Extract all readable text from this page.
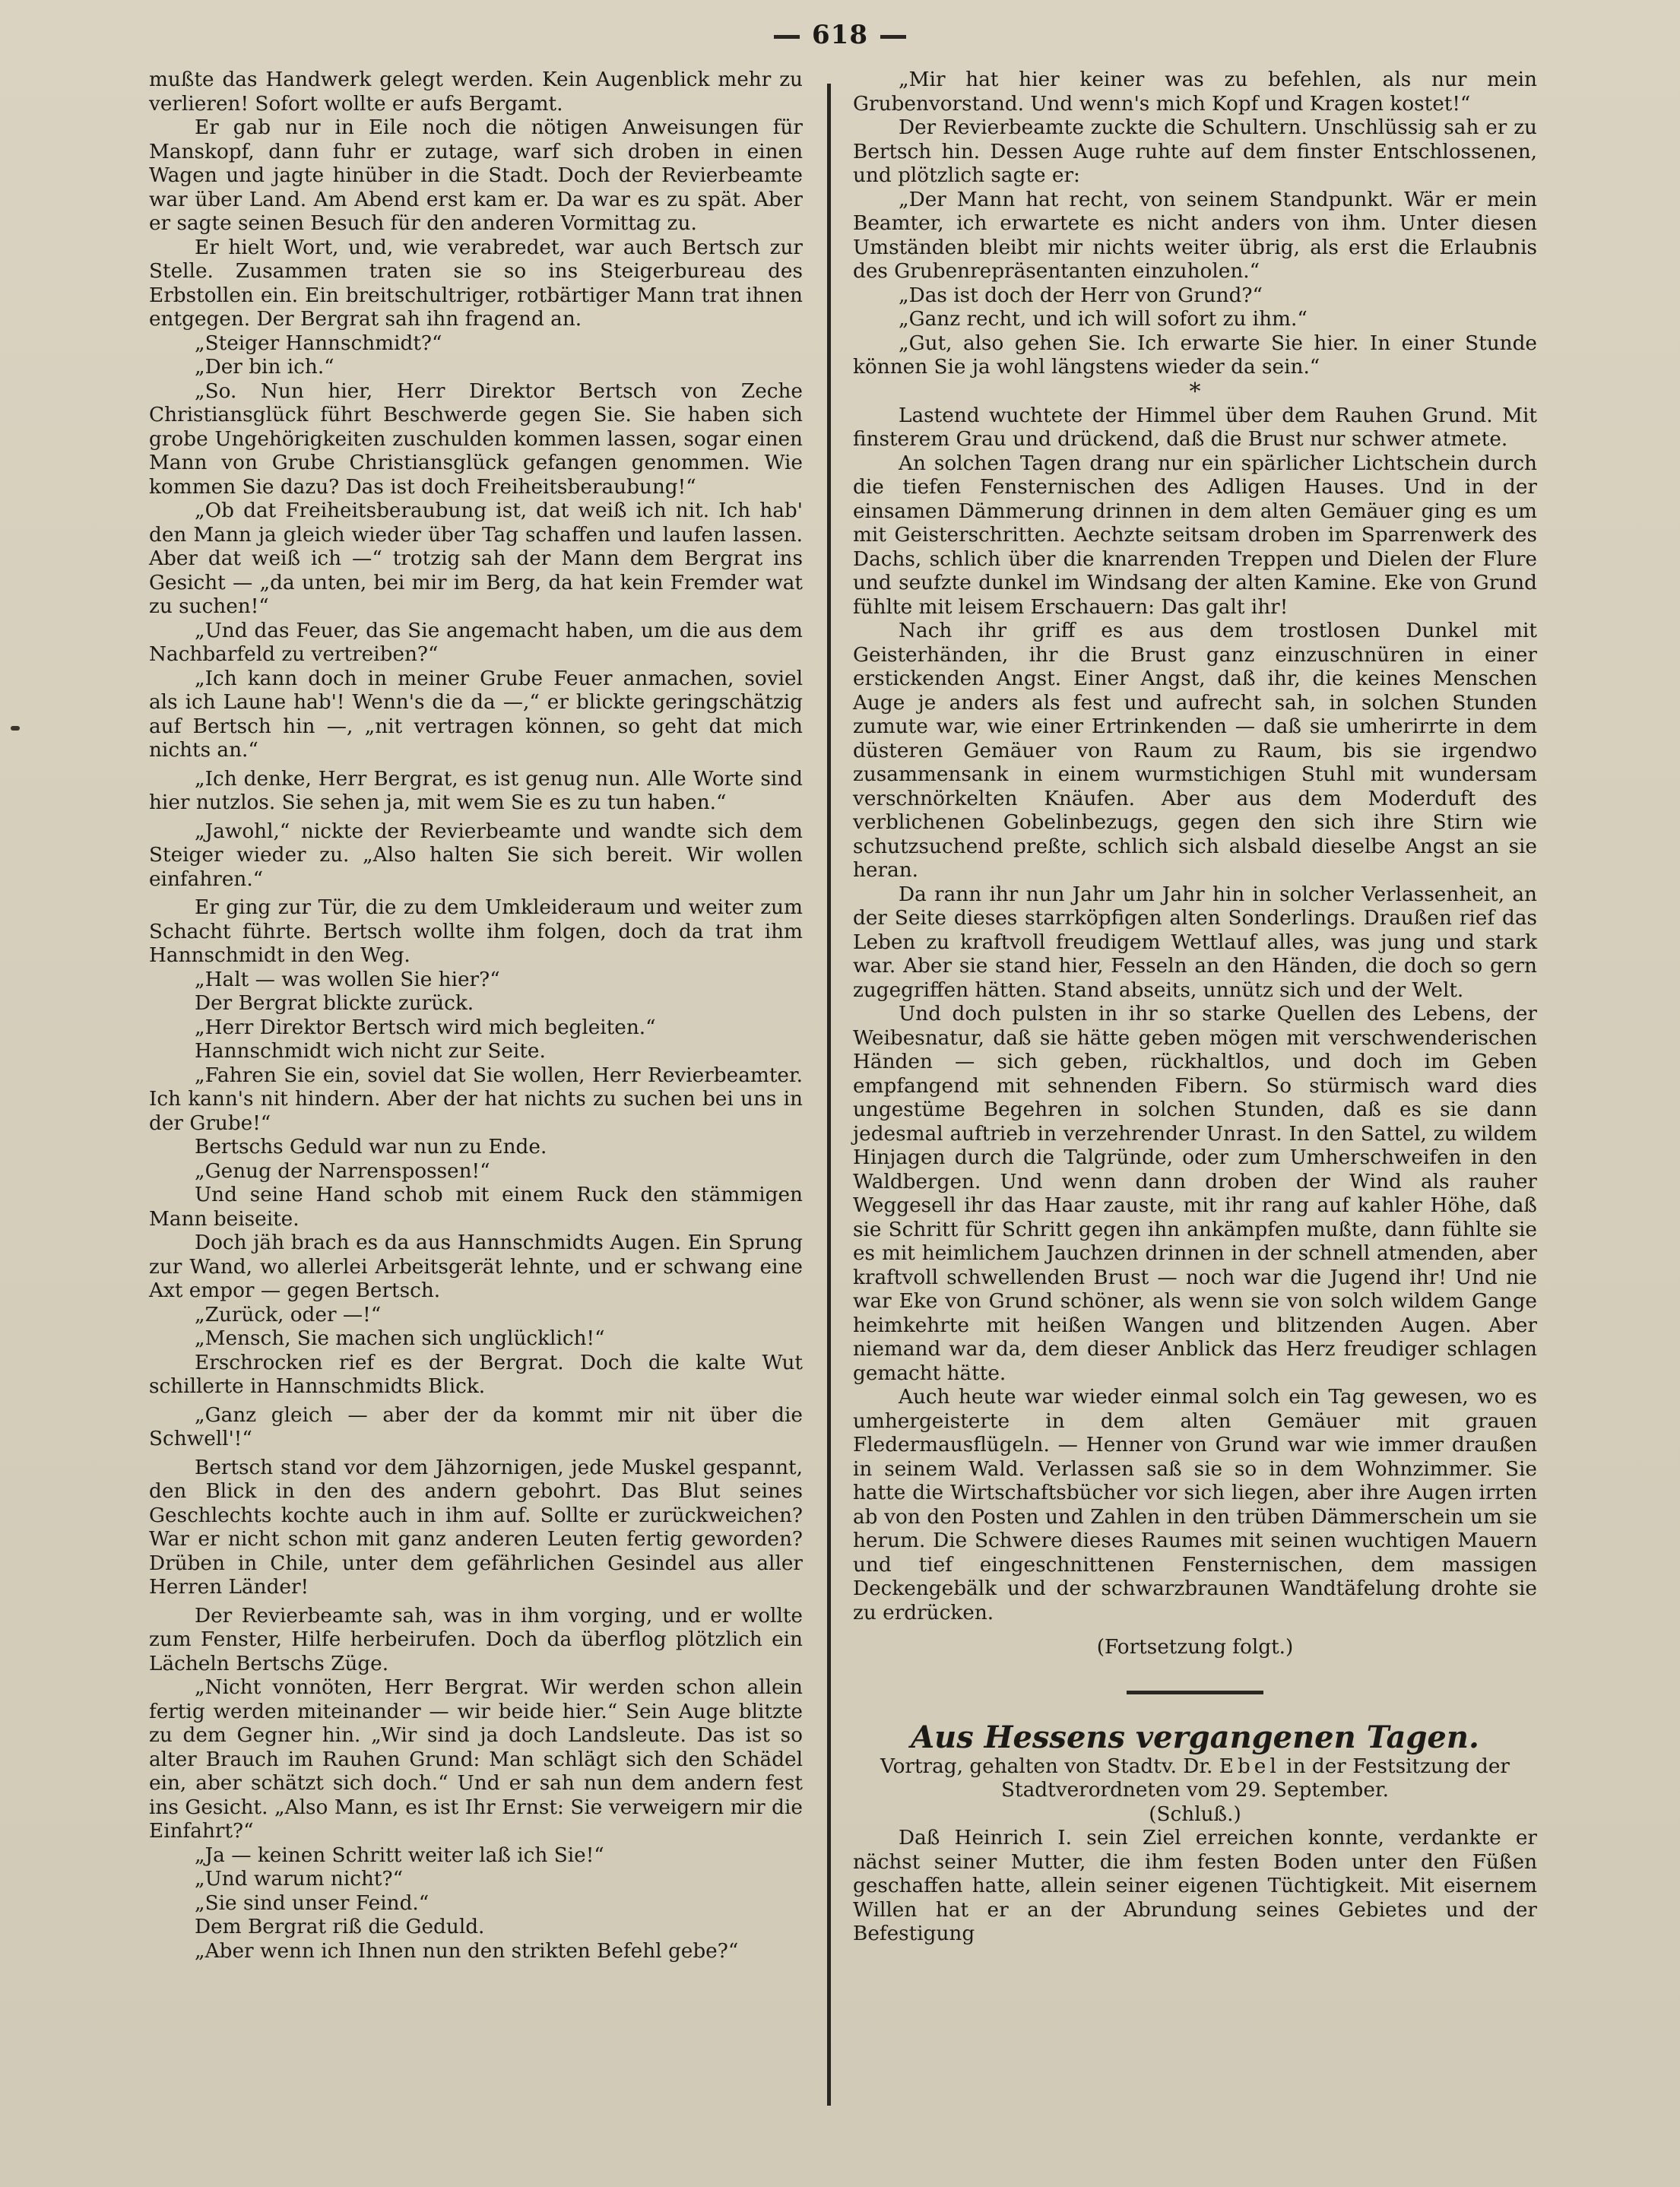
618

mußte das Handwerk gelegt werden. Kein Augenblick mehr zu verlieren! Sofort wollte er aufs Bergamt.

Er gab nur in Eile noch die nötigen Anweisungen für Manskopf, dann fuhr er zutage, warf sich droben in einen Wagen und jagte hinüber in die Stadt. Doch der Revierbeamte war über Land. Am Abend erst kam er. Da war es zu spät. Aber er sagte seinen Besuch für den anderen Vormittag zu.

Er hielt Wort, und, wie verabredet, war auch Bertsch zur Stelle. Zusammen traten sie so ins Steigerbureau des Erbstollen ein. Ein breitschultriger, rotbärtiger Mann trat ihnen entgegen. Der Bergrat sah ihn fragend an.

„Steiger Hannschmidt?“

„Der bin ich.“

„So. Nun hier, Herr Direktor Bertsch von Zeche Christiansglück führt Beschwerde gegen Sie. Sie haben sich grobe Ungehörigkeiten zuschulden kommen lassen, sogar einen Mann von Grube Christiansglück gefangen genommen. Wie kommen Sie dazu? Das ist doch Freiheitsberaubung!“

„Ob dat Freiheitsberaubung ist, dat weiß ich nit. Ich hab' den Mann ja gleich wieder über Tag schaffen und laufen lassen. Aber dat weiß ich —“ trotzig sah der Mann dem Bergrat ins Gesicht — „da unten, bei mir im Berg, da hat kein Fremder wat zu suchen!“

„Und das Feuer, das Sie angemacht haben, um die aus dem Nachbarfeld zu vertreiben?“

„Ich kann doch in meiner Grube Feuer anmachen, soviel als ich Laune hab'! Wenn's die da —,“ er blickte geringschätzig auf Bertsch hin —, „nit vertragen können, so geht dat mich nichts an.“

„Ich denke, Herr Bergrat, es ist genug nun. Alle Worte sind hier nutzlos. Sie sehen ja, mit wem Sie es zu tun haben.“

„Jawohl,“ nickte der Revierbeamte und wandte sich dem Steiger wieder zu. „Also halten Sie sich bereit. Wir wollen einfahren.“

Er ging zur Tür, die zu dem Umkleideraum und weiter zum Schacht führte. Bertsch wollte ihm folgen, doch da trat ihm Hannschmidt in den Weg.

„Halt — was wollen Sie hier?“

Der Bergrat blickte zurück.

„Herr Direktor Bertsch wird mich begleiten.“

Hannschmidt wich nicht zur Seite.

„Fahren Sie ein, soviel dat Sie wollen, Herr Revierbeamter. Ich kann's nit hindern. Aber der hat nichts zu suchen bei uns in der Grube!“

Bertschs Geduld war nun zu Ende.

„Genug der Narrenspossen!“

Und seine Hand schob mit einem Ruck den stämmigen Mann beiseite.

Doch jäh brach es da aus Hannschmidts Augen. Ein Sprung zur Wand, wo allerlei Arbeitsgerät lehnte, und er schwang eine Axt empor — gegen Bertsch.

„Zurück, oder —!“

„Mensch, Sie machen sich unglücklich!“

Erschrocken rief es der Bergrat. Doch die kalte Wut schillerte in Hannschmidts Blick.

„Ganz gleich — aber der da kommt mir nit über die Schwell'!“

Bertsch stand vor dem Jähzornigen, jede Muskel gespannt, den Blick in den des andern gebohrt. Das Blut seines Geschlechts kochte auch in ihm auf. Sollte er zurückweichen? War er nicht schon mit ganz anderen Leuten fertig geworden? Drüben in Chile, unter dem gefährlichen Gesindel aus aller Herren Länder!

Der Revierbeamte sah, was in ihm vorging, und er wollte zum Fenster, Hilfe herbeirufen. Doch da überflog plötzlich ein Lächeln Bertschs Züge.

„Nicht vonnöten, Herr Bergrat. Wir werden schon allein fertig werden miteinander — wir beide hier.“ Sein Auge blitzte zu dem Gegner hin. „Wir sind ja doch Landsleute. Das ist so alter Brauch im Rauhen Grund: Man schlägt sich den Schädel ein, aber schätzt sich doch.“ Und er sah nun dem andern fest ins Gesicht. „Also Mann, es ist Ihr Ernst: Sie verweigern mir die Einfahrt?“

„Ja — keinen Schritt weiter laß ich Sie!“

„Und warum nicht?“

„Sie sind unser Feind.“

Dem Bergrat riß die Geduld.

„Aber wenn ich Ihnen nun den strikten Befehl gebe?“

„Mir hat hier keiner was zu befehlen, als nur mein Grubenvorstand. Und wenn's mich Kopf und Kragen kostet!“

Der Revierbeamte zuckte die Schultern. Unschlüssig sah er zu Bertsch hin. Dessen Auge ruhte auf dem finster Entschlossenen, und plötzlich sagte er:

„Der Mann hat recht, von seinem Standpunkt. Wär er mein Beamter, ich erwartete es nicht anders von ihm. Unter diesen Umständen bleibt mir nichts weiter übrig, als erst die Erlaubnis des Grubenrepräsentanten einzuholen.“

„Das ist doch der Herr von Grund?“

„Ganz recht, und ich will sofort zu ihm.“

„Gut, also gehen Sie. Ich erwarte Sie hier. In einer Stunde können Sie ja wohl längstens wieder da sein.“

*

Lastend wuchtete der Himmel über dem Rauhen Grund. Mit finsterem Grau und drückend, daß die Brust nur schwer atmete.

An solchen Tagen drang nur ein spärlicher Lichtschein durch die tiefen Fensternischen des Adligen Hauses. Und in der einsamen Dämmerung drinnen in dem alten Gemäuer ging es um mit Geisterschritten. Aechzte seitsam droben im Sparrenwerk des Dachs, schlich über die knarrenden Treppen und Dielen der Flure und seufzte dunkel im Windsang der alten Kamine. Eke von Grund fühlte mit leisem Erschauern: Das galt ihr!

Nach ihr griff es aus dem trostlosen Dunkel mit Geisterhänden, ihr die Brust ganz einzuschnüren in einer erstickenden Angst. Einer Angst, daß ihr, die keines Menschen Auge je anders als fest und aufrecht sah, in solchen Stunden zumute war, wie einer Ertrinkenden — daß sie umherirrte in dem düsteren Gemäuer von Raum zu Raum, bis sie irgendwo zusammensank in einem wurmstichigen Stuhl mit wundersam verschnörkelten Knäufen. Aber aus dem Moderduft des verblichenen Gobelinbezugs, gegen den sich ihre Stirn wie schutzsuchend preßte, schlich sich alsbald dieselbe Angst an sie heran.

Da rann ihr nun Jahr um Jahr hin in solcher Verlassenheit, an der Seite dieses starrköpfigen alten Sonderlings. Draußen rief das Leben zu kraftvoll freudigem Wettlauf alles, was jung und stark war. Aber sie stand hier, Fesseln an den Händen, die doch so gern zugegriffen hätten. Stand abseits, unnütz sich und der Welt.

Und doch pulsten in ihr so starke Quellen des Lebens, der Weibesnatur, daß sie hätte geben mögen mit verschwenderischen Händen — sich geben, rückhaltlos, und doch im Geben empfangend mit sehnenden Fibern. So stürmisch ward dies ungestüme Begehren in solchen Stunden, daß es sie dann jedesmal auftrieb in verzehrender Unrast. In den Sattel, zu wildem Hinjagen durch die Talgründe, oder zum Umherschweifen in den Waldbergen. Und wenn dann droben der Wind als rauher Weggesell ihr das Haar zauste, mit ihr rang auf kahler Höhe, daß sie Schritt für Schritt gegen ihn ankämpfen mußte, dann fühlte sie es mit heimlichem Jauchzen drinnen in der schnell atmenden, aber kraftvoll schwellenden Brust — noch war die Jugend ihr! Und nie war Eke von Grund schöner, als wenn sie von solch wildem Gange heimkehrte mit heißen Wangen und blitzenden Augen. Aber niemand war da, dem dieser Anblick das Herz freudiger schlagen gemacht hätte.

Auch heute war wieder einmal solch ein Tag gewesen, wo es umhergeisterte in dem alten Gemäuer mit grauen Fledermausflügeln. — Henner von Grund war wie immer draußen in seinem Wald. Verlassen saß sie so in dem Wohnzimmer. Sie hatte die Wirtschaftsbücher vor sich liegen, aber ihre Augen irrten ab von den Posten und Zahlen in den trüben Dämmerschein um sie herum. Die Schwere dieses Raumes mit seinen wuchtigen Mauern und tief eingeschnittenen Fensternischen, dem massigen Deckengebälk und der schwarzbraunen Wandtäfelung drohte sie zu erdrücken.

(Fortsetzung folgt.)

Aus Hessens vergangenen Tagen.

Vortrag, gehalten von Stadtv. Dr. Ebel in der Festsitzung der Stadtverordneten vom 29. September.

(Schluß.)

Daß Heinrich I. sein Ziel erreichen konnte, verdankte er nächst seiner Mutter, die ihm festen Boden unter den Füßen geschaffen hatte, allein seiner eigenen Tüchtigkeit. Mit eisernem Willen hat er an der Abrundung seines Gebietes und der Befestigung
